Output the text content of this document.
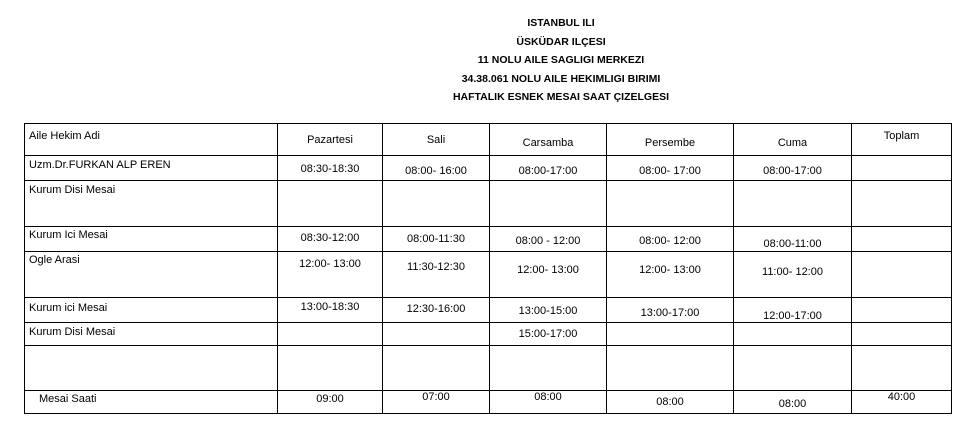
ISTANBUL ILI
ÜSKÜDAR ILÇESI
11 NOLU AILE SAGLIGI MERKEZI
34.38.061 NOLU AILE HEKIMLIGI BIRIMI
HAFTALIK ESNEK MESAI SAAT ÇIZELGESI
Aile Hekim Adi	Pazartesi	Sali	Carsamba	Persembe	Cuma	Toplam

Uzm.Dr.FURKAN ALP EREN	08:30-18:30	08:00- 16:00	08:00-17:00	08:00- 17:00	08:00-17:00	

Kurum Disi Mesai						

Kurum Ici Mesai	08:30-12:00	08:00-11:30	08:00 - 12:00	08:00- 12:00	08:00-11:00	

Ogle Arasi	12:00- 13:00	11:30-12:30	12:00- 13:00	12:00- 13:00	11:00- 12:00	

Kurum ici Mesai	13:00-18:30	12:30-16:00	13:00-15:00	13:00-17:00	12:00-17:00	

Kurum Disi Mesai			15:00-17:00			

Mesai Saati	09:00	07:00	08:00	08:00	08:00	40:00
